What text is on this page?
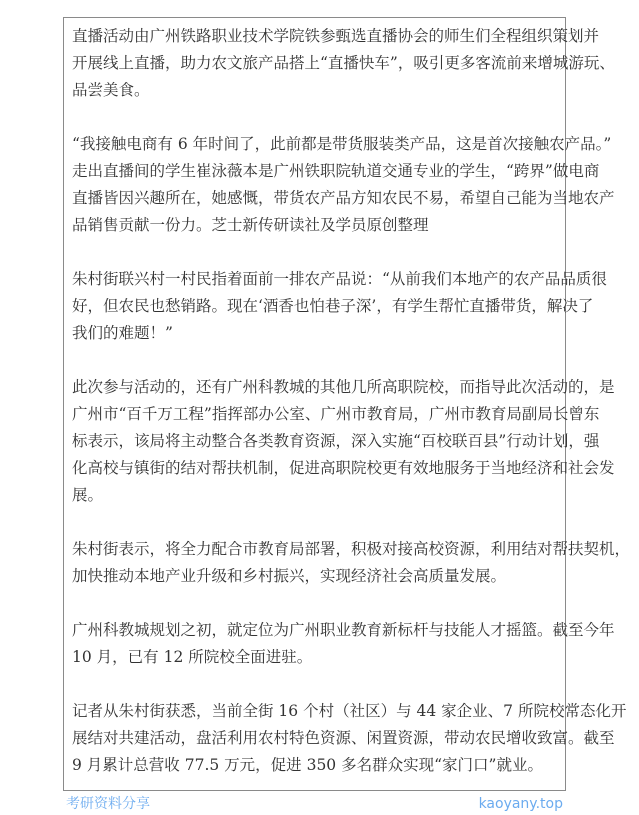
直播活动由广州铁路职业技术学院铁参甄选直播协会的师生们全程组织策划并
开展线上直播，助力农文旅产品搭上“直播快车”，吸引更多客流前来增城游玩、
品尝美食。
“我接触电商有 6 年时间了，此前都是带货服装类产品，这是首次接触农产品。”
走出直播间的学生崔泳薇本是广州铁职院轨道交通专业的学生，“跨界”做电商
直播皆因兴趣所在，她感慨，带货农产品方知农民不易，希望自己能为当地农产
品销售贡献一份力。芝士新传研读社及学员原创整理
朱村街联兴村一村民指着面前一排农产品说：“从前我们本地产的农产品品质很
好，但农民也愁销路。现在‘酒香也怕巷子深’，有学生帮忙直播带货，解决了
我们的难题！”
此次参与活动的，还有广州科教城的其他几所高职院校，而指导此次活动的，是
广州市“百千万工程”指挥部办公室、广州市教育局，广州市教育局副局长曾东
标表示，该局将主动整合各类教育资源，深入实施“百校联百县”行动计划，强
化高校与镇街的结对帮扶机制，促进高职院校更有效地服务于当地经济和社会发
展。
朱村街表示，将全力配合市教育局部署，积极对接高校资源，利用结对帮扶契机，
加快推动本地产业升级和乡村振兴，实现经济社会高质量发展。
广州科教城规划之初，就定位为广州职业教育新标杆与技能人才摇篮。截至今年
10 月，已有 12 所院校全面进驻。
记者从朱村街获悉，当前全街 16 个村（社区）与 44 家企业、7 所院校常态化开
展结对共建活动，盘活利用农村特色资源、闲置资源，带动农民增收致富。截至
9 月累计总营收 77.5 万元，促进 350 多名群众实现“家门口”就业。
考研资料分享	kaoyany.top
